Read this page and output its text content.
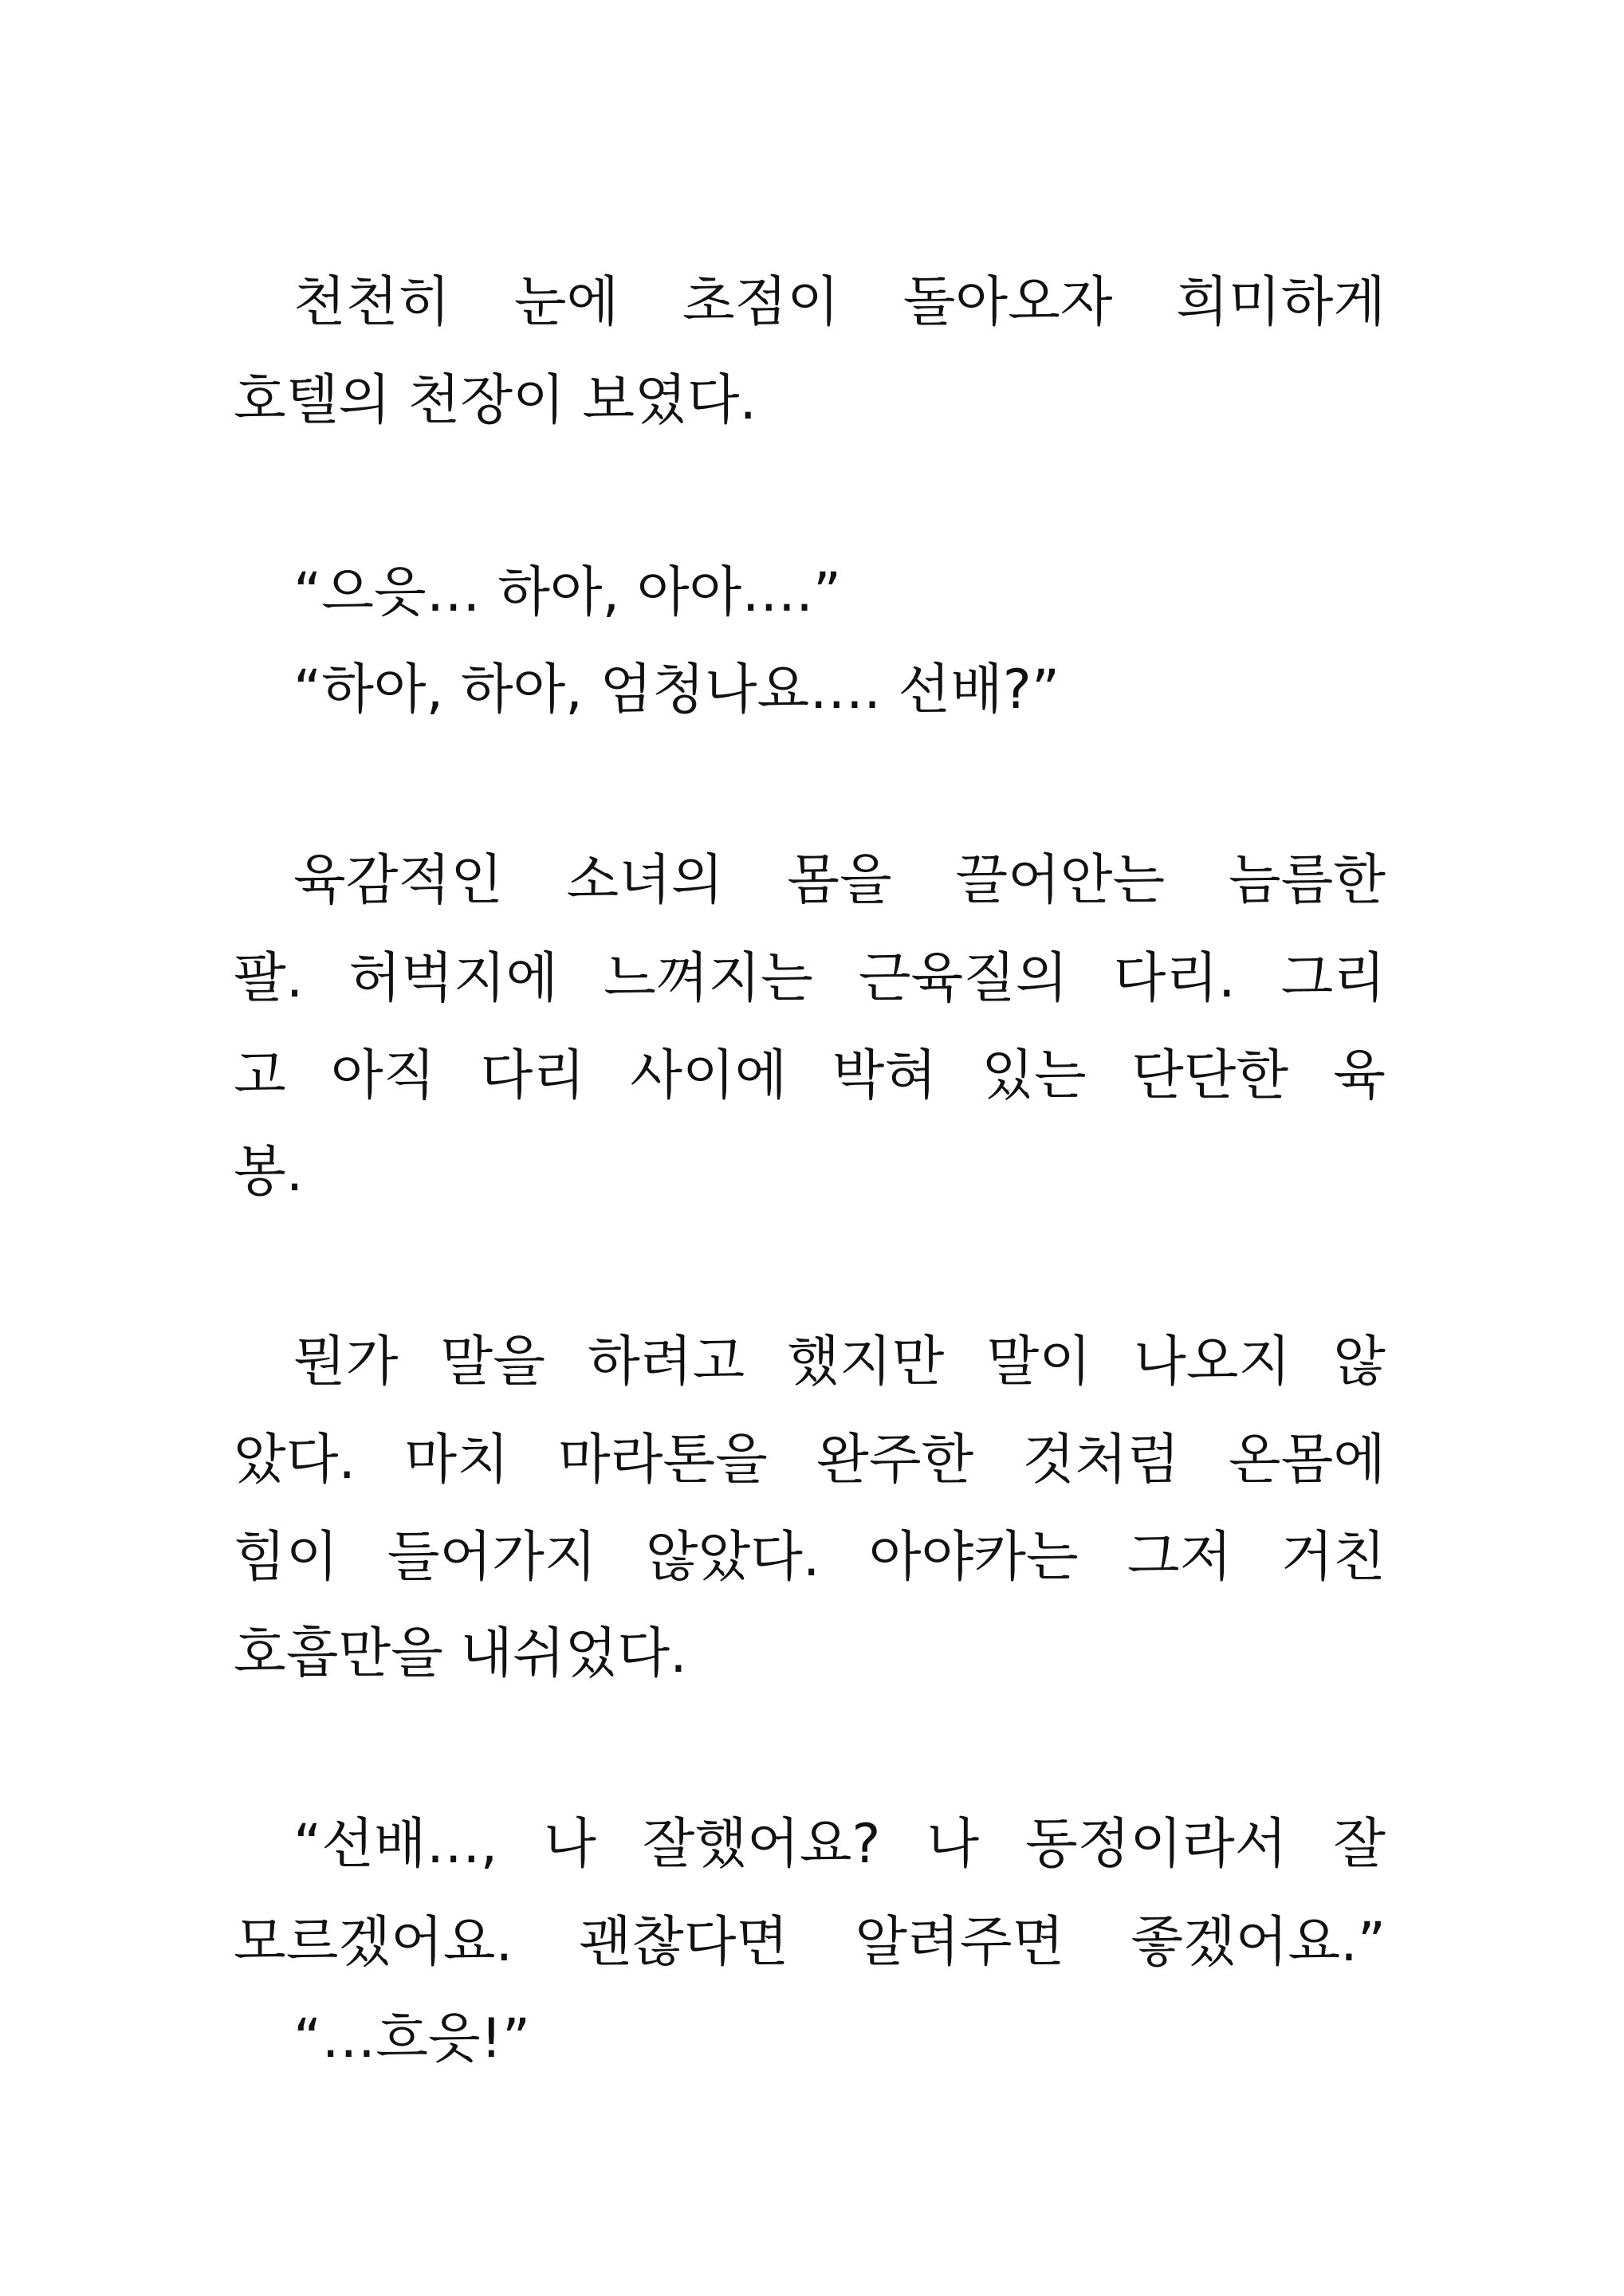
천천히 눈에 초점이 돌아오자 희미하게
호텔의 천장이 보였다.
“으읏… 하아, 아아….”
“하아, 하아, 엄청나요…. 선배?”
육감적인 소녀의 몸을 끌어안는 늠름한
팔. 허벅지에 느껴지는 근육질의 다리. 그리
고 아직 다리 사이에 박혀 있는 단단한 육
봉.
뭔가 말을 하려고 했지만 말이 나오지 않
았다. 마치 마라톤을 완주한 것처럼 온몸에
힘이 들어가지 않았다. 아야카는 그저 거친
호흡만을 내쉬었다.
“선배…, 나 잘했어요? 나 동정이라서 잘
모르겠어요. 괜찮다면 알려주면 좋겠어요.”
“…흐읏!”
